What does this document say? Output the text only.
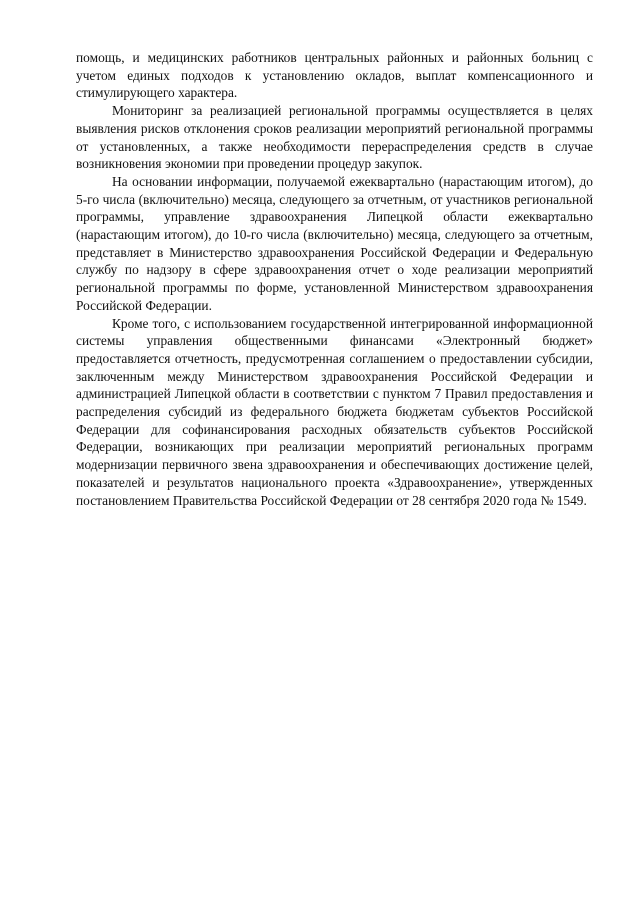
помощь, и медицинских работников центральных районных и районных больниц с учетом единых подходов к установлению окладов, выплат компенсационного и стимулирующего характера.

Мониторинг за реализацией региональной программы осуществляется в целях выявления рисков отклонения сроков реализации мероприятий региональной программы от установленных, а также необходимости перераспределения средств в случае возникновения экономии при проведении процедур закупок.

На основании информации, получаемой ежеквартально (нарастающим итогом), до 5-го числа (включительно) месяца, следующего за отчетным, от участников региональной программы, управление здравоохранения Липецкой области ежеквартально (нарастающим итогом), до 10-го числа (включительно) месяца, следующего за отчетным, представляет в Министерство здравоохранения Российской Федерации и Федеральную службу по надзору в сфере здравоохранения отчет о ходе реализации мероприятий региональной программы по форме, установленной Министерством здравоохранения Российской Федерации.

Кроме того, с использованием государственной интегрированной информационной системы управления общественными финансами «Электронный бюджет» предоставляется отчетность, предусмотренная соглашением о предоставлении субсидии, заключенным между Министерством здравоохранения Российской Федерации и администрацией Липецкой области в соответствии с пунктом 7 Правил предоставления и распределения субсидий из федерального бюджета бюджетам субъектов Российской Федерации для софинансирования расходных обязательств субъектов Российской Федерации, возникающих при реализации мероприятий региональных программ модернизации первичного звена здравоохранения и обеспечивающих достижение целей, показателей и результатов национального проекта «Здравоохранение», утвержденных постановлением Правительства Российской Федерации от 28 сентября 2020 года № 1549.
